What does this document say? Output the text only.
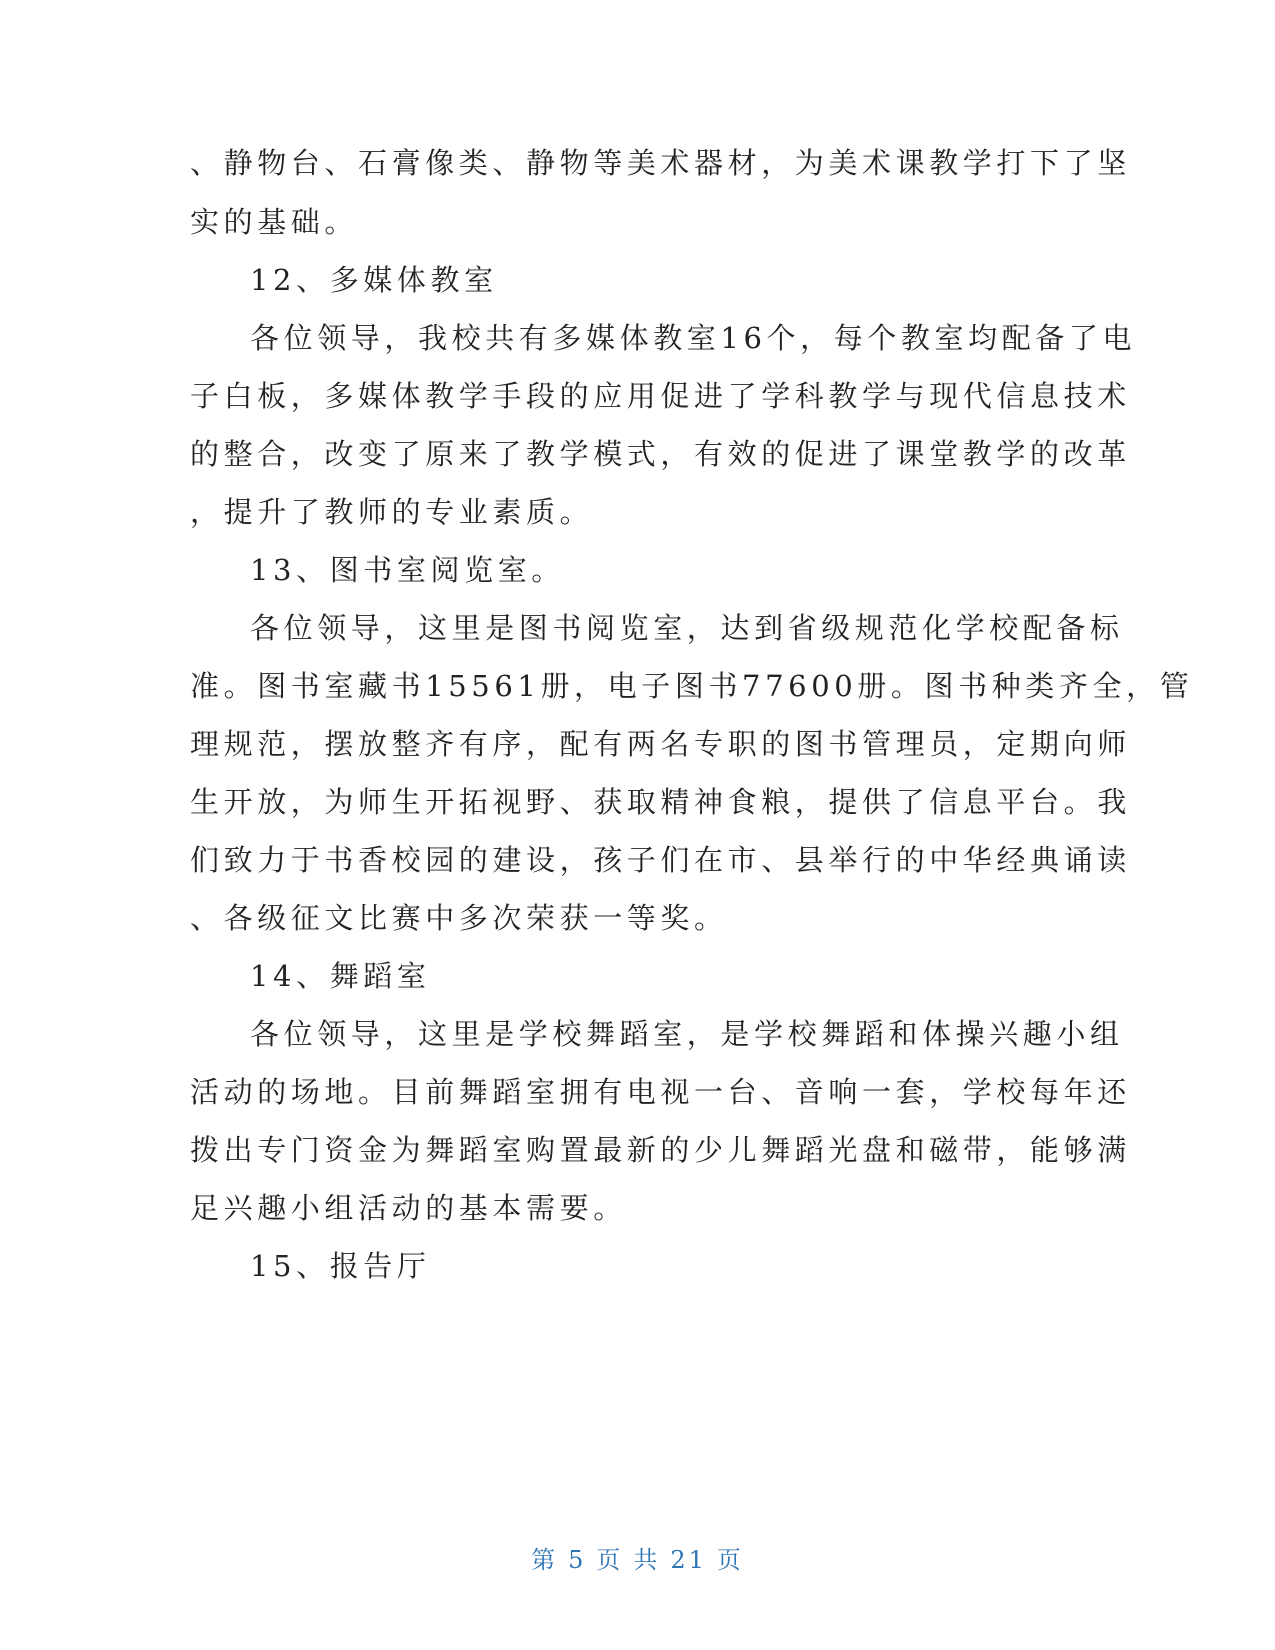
、静物台、石膏像类、静物等美术器材，为美术课教学打下了坚
实的基础。
12、多媒体教室
各位领导，我校共有多媒体教室16个，每个教室均配备了电
子白板，多媒体教学手段的应用促进了学科教学与现代信息技术
的整合，改变了原来了教学模式，有效的促进了课堂教学的改革
，提升了教师的专业素质。
13、图书室阅览室。
各位领导，这里是图书阅览室，达到省级规范化学校配备标
准。图书室藏书15561册，电子图书77600册。图书种类齐全，管
理规范，摆放整齐有序，配有两名专职的图书管理员，定期向师
生开放，为师生开拓视野、获取精神食粮，提供了信息平台。我
们致力于书香校园的建设，孩子们在市、县举行的中华经典诵读
、各级征文比赛中多次荣获一等奖。
14、舞蹈室
各位领导，这里是学校舞蹈室，是学校舞蹈和体操兴趣小组
活动的场地。目前舞蹈室拥有电视一台、音响一套，学校每年还
拨出专门资金为舞蹈室购置最新的少儿舞蹈光盘和磁带，能够满
足兴趣小组活动的基本需要。
15、报告厅
第 5 页 共 21 页
